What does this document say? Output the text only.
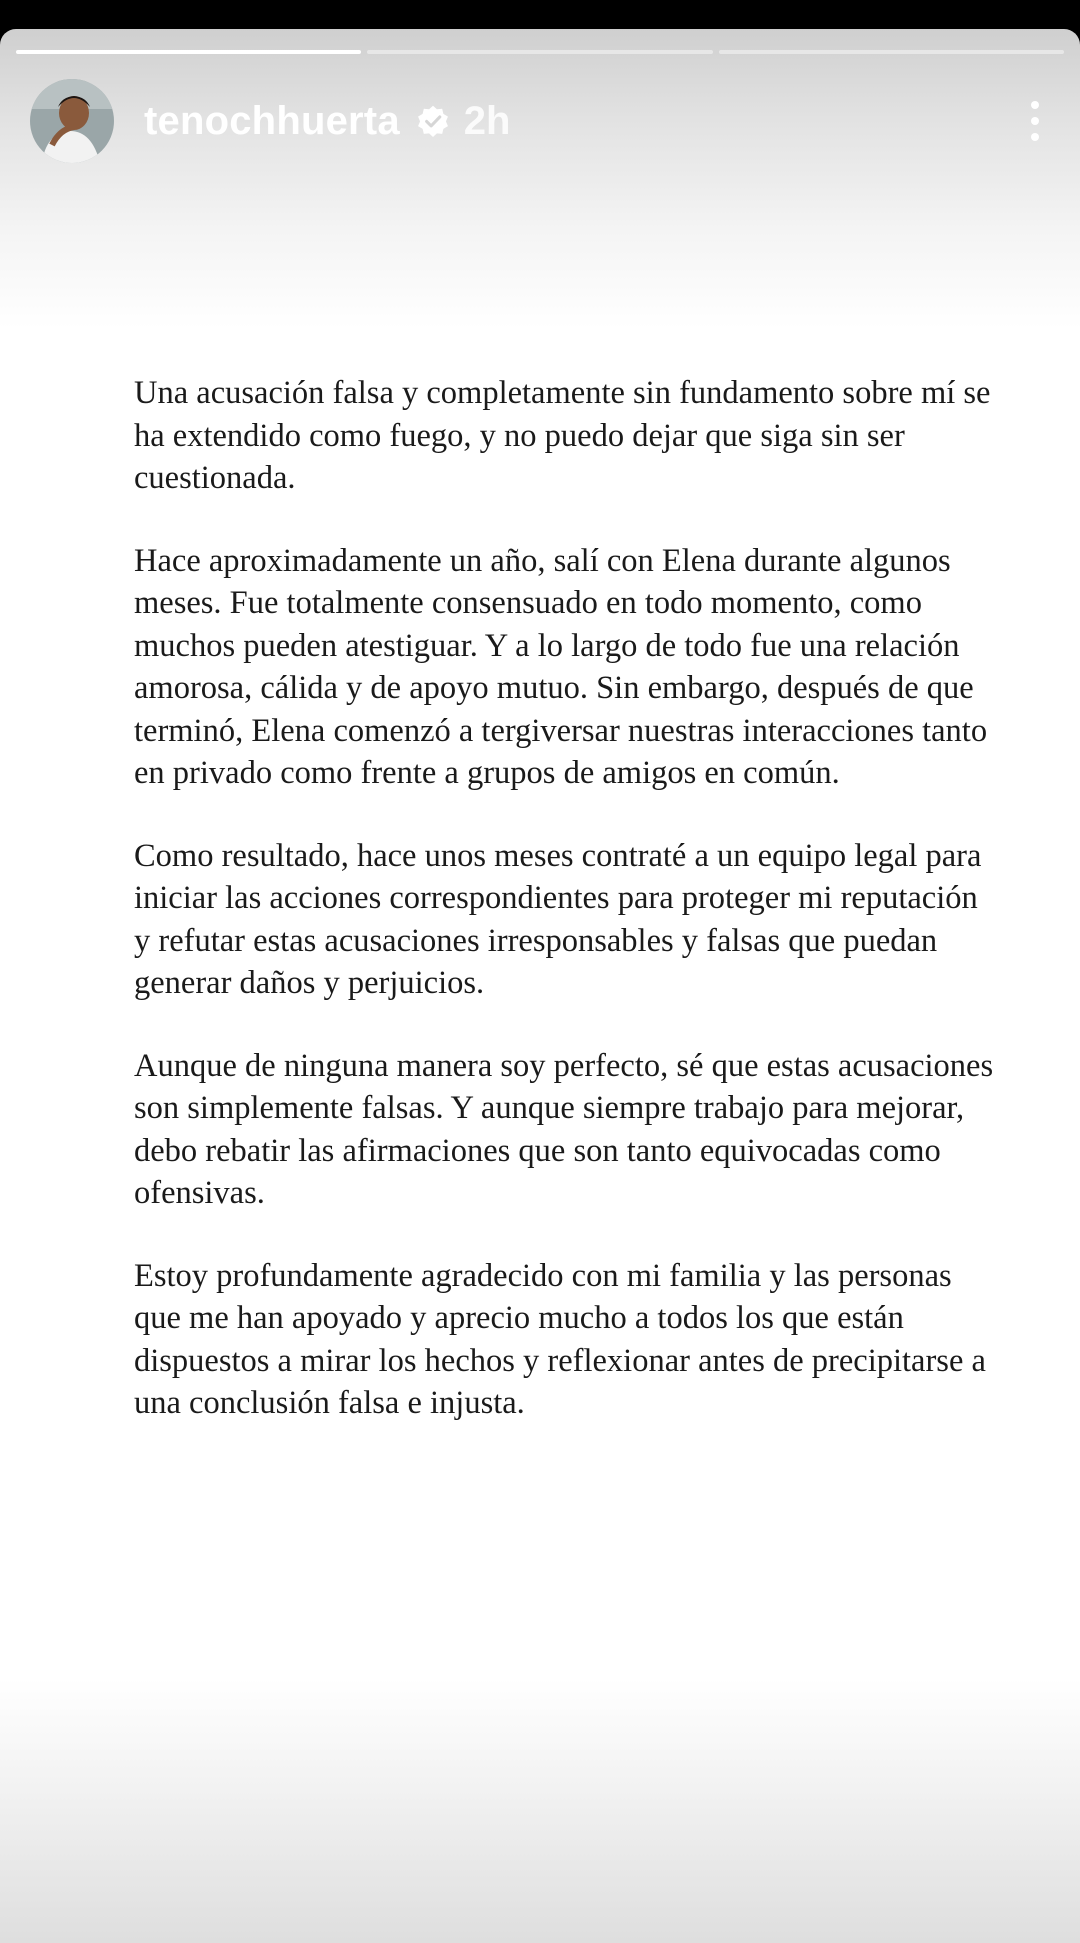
tenochhuerta 2h

Una acusación falsa y completamente sin fundamento sobre mí se ha extendido como fuego, y no puedo dejar que siga sin ser cuestionada.

Hace aproximadamente un año, salí con Elena durante algunos meses. Fue totalmente consensuado en todo momento, como muchos pueden atestiguar. Y a lo largo de todo fue una relación amorosa, cálida y de apoyo mutuo. Sin embargo, después de que terminó, Elena comenzó a tergiversar nuestras interacciones tanto en privado como frente a grupos de amigos en común.

Como resultado, hace unos meses contraté a un equipo legal para iniciar las acciones correspondientes para proteger mi reputación y refutar estas acusaciones irresponsables y falsas que puedan generar daños y perjuicios.

Aunque de ninguna manera soy perfecto, sé que estas acusaciones son simplemente falsas. Y aunque siempre trabajo para mejorar, debo rebatir las afirmaciones que son tanto equivocadas como ofensivas.

Estoy profundamente agradecido con mi familia y las personas que me han apoyado y aprecio mucho a todos los que están dispuestos a mirar los hechos y reflexionar antes de precipitarse a una conclusión falsa e injusta.
